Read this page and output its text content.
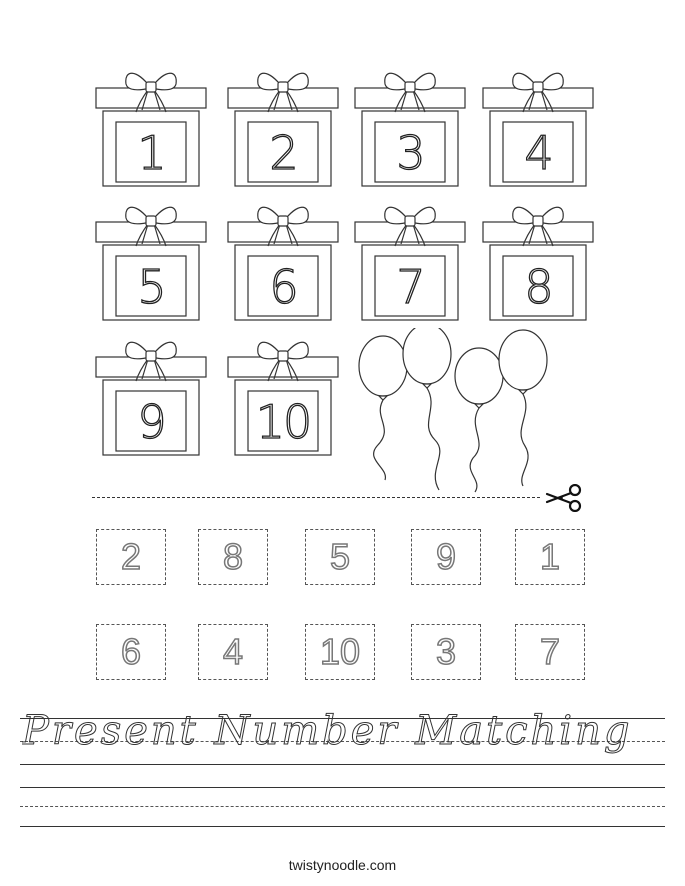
1	2	3	4
5	6	7	8
9	10
2 8 5 9 1
6 4 10 3 7
Present Number Matching
twistynoodle.com
